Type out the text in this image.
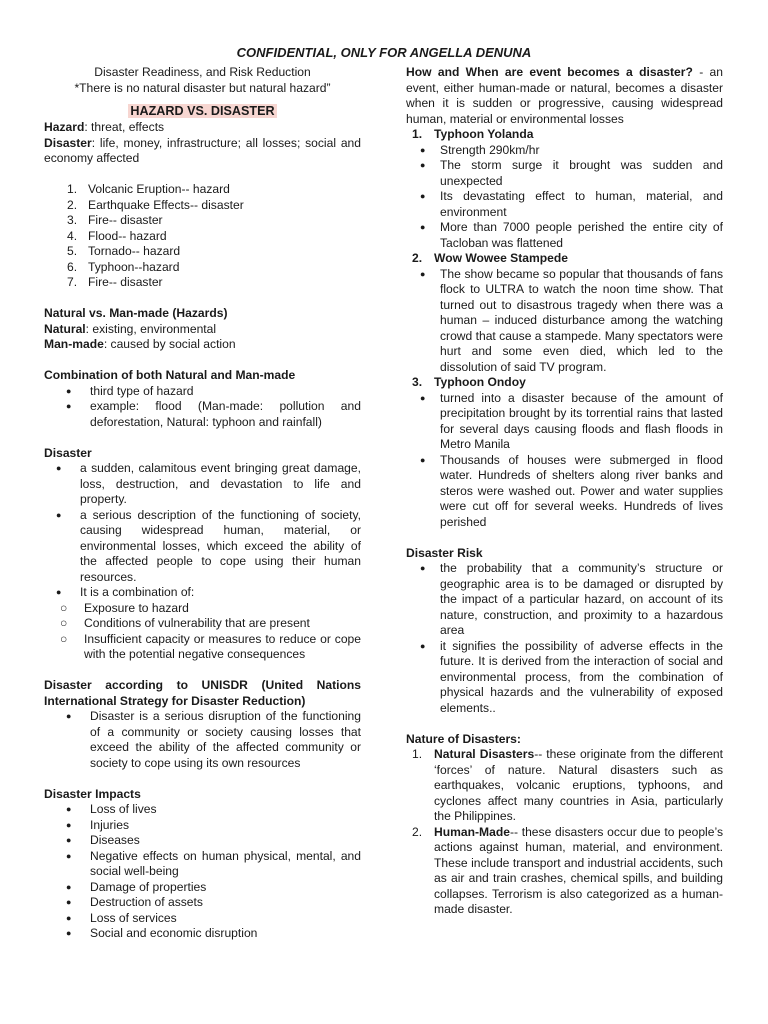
CONFIDENTIAL, ONLY FOR ANGELLA DENUNA

Disaster Readiness, and Risk Reduction

*There is no natural disaster but natural hazard”

HAZARD VS. DISASTER

Hazard: threat, effects

Disaster: life, money, infrastructure; all losses; social and economy affected

1. Volcanic Eruption-- hazard
2. Earthquake Effects-- disaster
3. Fire-- disaster
4. Flood-- hazard
5. Tornado-- hazard
6. Typhoon--hazard
7. Fire-- disaster

Natural vs. Man-made (Hazards)

Natural: existing, environmental

Man-made: caused by social action

Combination of both Natural and Man-made

●	third type of hazard
●	example: flood (Man-made: pollution and deforestation, Natural: typhoon and rainfall)

Disaster

●	a sudden, calamitous event bringing great damage, loss, destruction, and devastation to life and property.
●	a serious description of the functioning of society, causing widespread human, material, or environmental losses, which exceed the ability of the affected people to cope using their human resources.
●	It is a combination of:
○	Exposure to hazard
○	Conditions of vulnerability that are present
○	Insufficient capacity or measures to reduce or cope with the potential negative consequences

Disaster according to UNISDR (United Nations International Strategy for Disaster Reduction)

●	Disaster is a serious disruption of the functioning of a community or society causing losses that exceed the ability of the affected community or society to cope using its own resources

Disaster Impacts

●	Loss of lives
●	Injuries
●	Diseases
●	Negative effects on human physical, mental, and social well-being
●	Damage of properties
●	Destruction of assets
●	Loss of services
●	Social and economic disruption

How and When are event becomes a disaster? - an event, either human-made or natural, becomes a disaster when it is sudden or progressive, causing widespread human, material or environmental losses

1. Typhoon Yolanda
●	Strength 290km/hr
●	The storm surge it brought was sudden and unexpected
●	Its devastating effect to human, material, and environment
●	More than 7000 people perished the entire city of Tacloban was flattened
2. Wow Wowee Stampede
●	The show became so popular that thousands of fans flock to ULTRA to watch the noon time show. That turned out to disastrous tragedy when there was a human – induced disturbance among the watching crowd that cause a stampede. Many spectators were hurt and some even died, which led to the dissolution of said TV program.
3. Typhoon Ondoy
●	turned into a disaster because of the amount of precipitation brought by its torrential rains that lasted for several days causing floods and flash floods in Metro Manila
●	Thousands of houses were submerged in flood water. Hundreds of shelters along river banks and steros were washed out. Power and water supplies were cut off for several weeks. Hundreds of lives perished

Disaster Risk

●	the probability that a community’s structure or geographic area is to be damaged or disrupted by the impact of a particular hazard, on account of its nature, construction, and proximity to a hazardous area
●	it signifies the possibility of adverse effects in the future. It is derived from the interaction of social and environmental process, from the combination of physical hazards and the vulnerability of exposed elements..

Nature of Disasters:

1. Natural Disasters-- these originate from the different ‘forces’ of nature. Natural disasters such as earthquakes, volcanic eruptions, typhoons, and cyclones affect many countries in Asia, particularly the Philippines.
2. Human-Made-- these disasters occur due to people’s actions against human, material, and environment. These include transport and industrial accidents, such as air and train crashes, chemical spills, and building collapses. Terrorism is also categorized as a human-made disaster.
